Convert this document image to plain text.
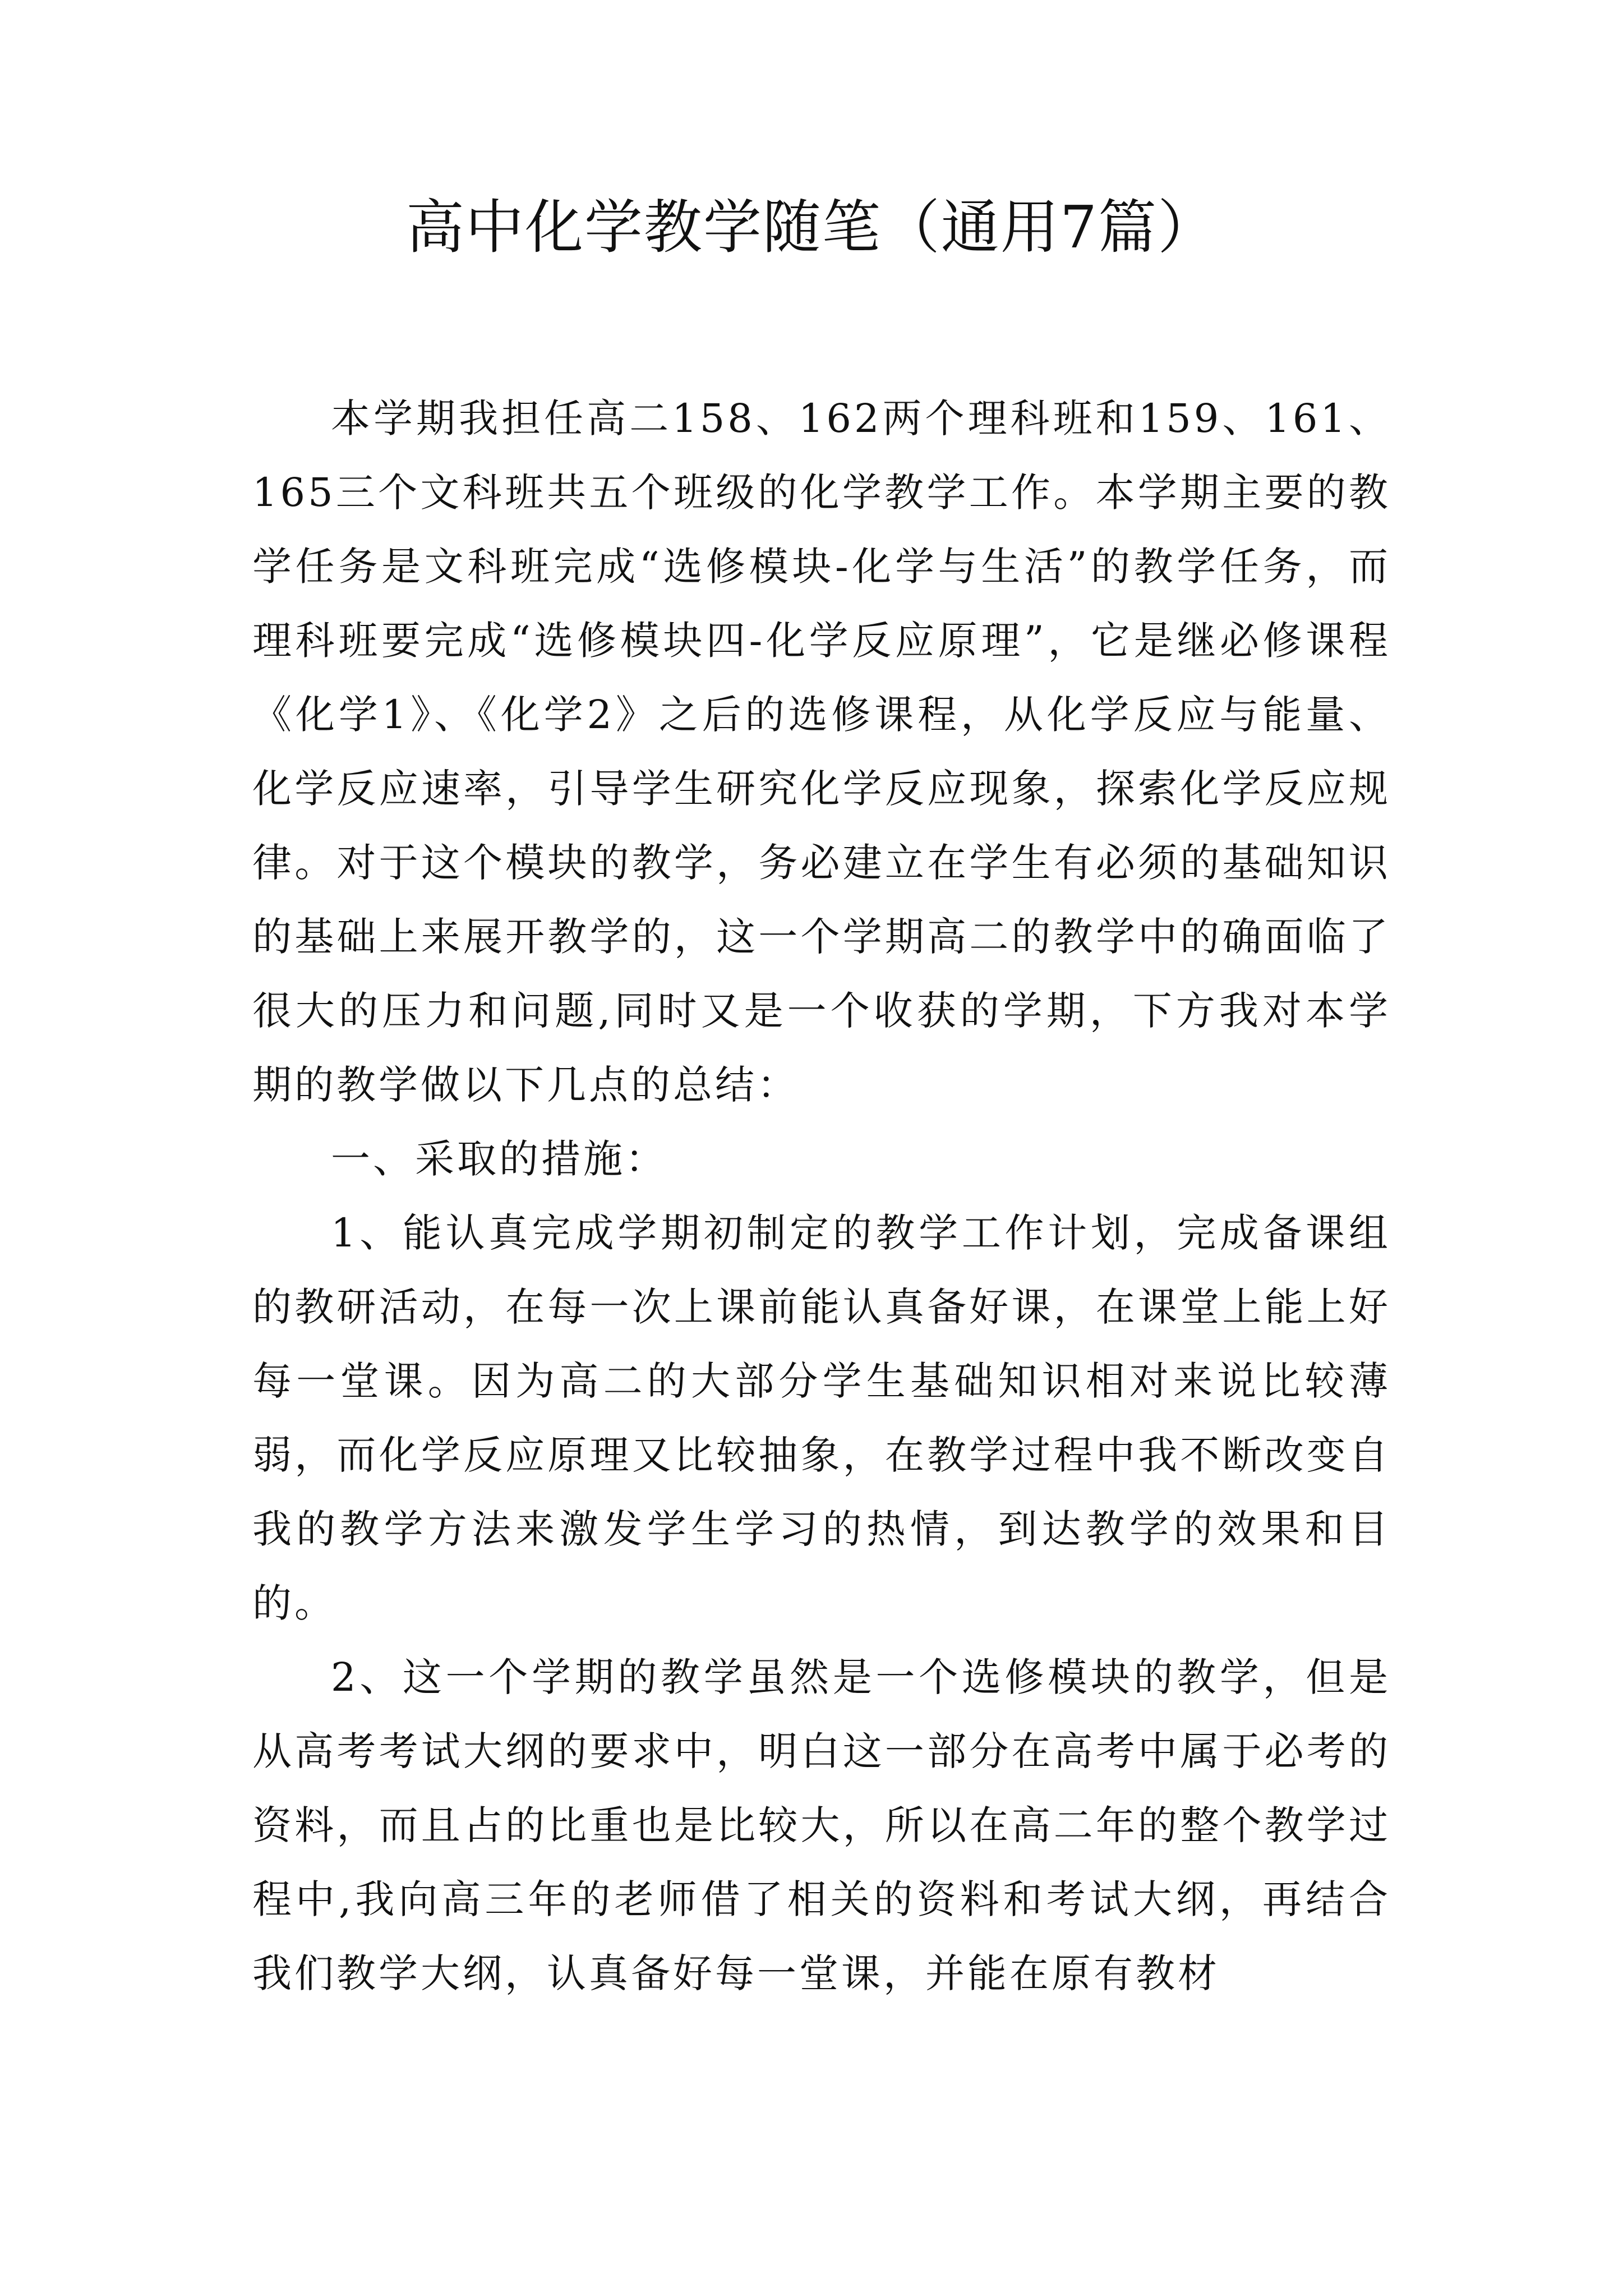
高中化学教学随笔（通用7篇）

本学期我担任高二158、162两个理科班和159、161、165三个文科班共五个班级的化学教学工作。本学期主要的教学任务是文科班完成“选修模块-化学与生活”的教学任务，而理科班要完成“选修模块四-化学反应原理”，它是继必修课程《化学1》、《化学2》之后的选修课程，从化学反应与能量、化学反应速率，引导学生研究化学反应现象，探索化学反应规律。对于这个模块的教学，务必建立在学生有必须的基础知识的基础上来展开教学的，这一个学期高二的教学中的确面临了很大的压力和问题,同时又是一个收获的学期，下方我对本学期的教学做以下几点的总结：

一、采取的措施：

1、能认真完成学期初制定的教学工作计划，完成备课组的教研活动，在每一次上课前能认真备好课，在课堂上能上好每一堂课。因为高二的大部分学生基础知识相对来说比较薄弱，而化学反应原理又比较抽象，在教学过程中我不断改变自我的教学方法来激发学生学习的热情，到达教学的效果和目的。

2、这一个学期的教学虽然是一个选修模块的教学，但是从高考考试大纲的要求中，明白这一部分在高考中属于必考的资料，而且占的比重也是比较大，所以在高二年的整个教学过程中,我向高三年的老师借了相关的资料和考试大纲，再结合我们教学大纲，认真备好每一堂课，并能在原有教材
